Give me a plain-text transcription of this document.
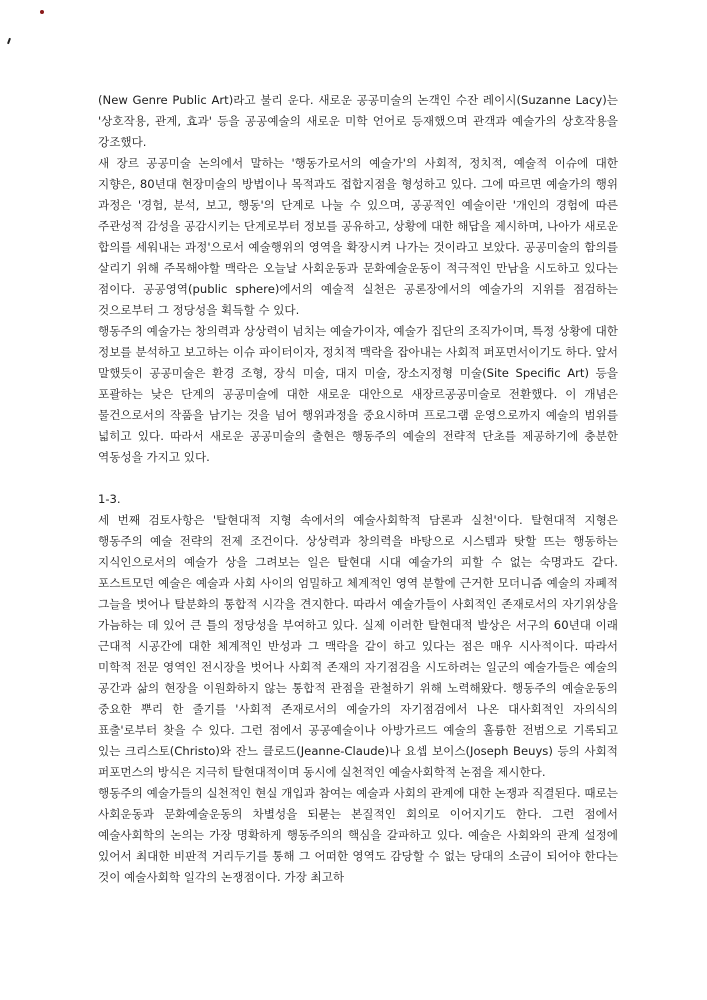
(New Genre Public Art)라고 불리 운다. 새로운 공공미술의 논객인 수잔 레이시(Suzanne Lacy)는 '상호작용, 관계, 효과' 등을 공공예술의 새로운 미학 언어로 등재했으며 관객과 예술가의 상호작용을 강조했다.

새 장르 공공미술 논의에서 말하는 '행동가로서의 예술가'의 사회적, 정치적, 예술적 이슈에 대한 지향은, 80년대 현장미술의 방법이나 목적과도 접합지점을 형성하고 있다. 그에 따르면 예술가의 행위 과정은 '경험, 분석, 보고, 행동'의 단계로 나눌 수 있으며, 공공적인 예술이란 '개인의 경험에 따른 주관성적 감성을 공감시키는 단계로부터 정보를 공유하고, 상황에 대한 해답을 제시하며, 나아가 새로운 합의를 세워내는 과정'으로서 예술행위의 영역을 확장시켜 나가는 것이라고 보았다. 공공미술의 함의를 살리기 위해 주목해야할 맥락은 오늘날 사회운동과 문화예술운동이 적극적인 만남을 시도하고 있다는 점이다. 공공영역(public sphere)에서의 예술적 실천은 공론장에서의 예술가의 지위를 점검하는 것으로부터 그 정당성을 획득할 수 있다.

행동주의 예술가는 창의력과 상상력이 넘치는 예술가이자, 예술가 집단의 조직가이며, 특정 상황에 대한 정보를 분석하고 보고하는 이슈 파이터이자, 정치적 맥락을 잡아내는 사회적 퍼포먼서이기도 하다. 앞서 말했듯이 공공미술은 환경 조형, 장식 미술, 대지 미술, 장소지정형 미술(Site Specific Art) 등을 포괄하는 낮은 단계의 공공미술에 대한 새로운 대안으로 새장르공공미술로 전환했다. 이 개념은 물건으로서의 작품을 남기는 것을 넘어 행위과정을 중요시하며 프로그램 운영으로까지 예술의 범위를 넓히고 있다. 따라서 새로운 공공미술의 출현은 행동주의 예술의 전략적 단초를 제공하기에 충분한 역동성을 가지고 있다.

1-3.

세 번째 검토사항은 '탈현대적 지형 속에서의 예술사회학적 담론과 실천'이다. 탈현대적 지형은 행동주의 예술 전략의 전제 조건이다. 상상력과 창의력을 바탕으로 시스템과 탓할 뜨는 행동하는 지식인으로서의 예술가 상을 그려보는 일은 탈현대 시대 예술가의 피할 수 없는 숙명과도 같다. 포스트모던 예술은 예술과 사회 사이의 엄밀하고 체계적인 영역 분할에 근거한 모더니즘 예술의 자폐적 그늘을 벗어나 탈분화의 통합적 시각을 견지한다. 따라서 예술가들이 사회적인 존재로서의 자기위상을 가늠하는 데 있어 큰 틀의 정당성을 부여하고 있다. 실제 이러한 탈현대적 발상은 서구의 60년대 이래 근대적 시공간에 대한 체계적인 반성과 그 맥락을 같이 하고 있다는 점은 매우 시사적이다. 따라서 미학적 전문 영역인 전시장을 벗어나 사회적 존재의 자기점검을 시도하려는 일군의 예술가들은 예술의 공간과 삶의 현장을 이원화하지 않는 통합적 관점을 관철하기 위해 노력해왔다. 행동주의 예술운동의 중요한 뿌리 한 줄기를 '사회적 존재로서의 예술가의 자기점검에서 나온 대사회적인 자의식의 표출'로부터 찾을 수 있다. 그런 점에서 공공예술이나 아방가르드 예술의 훌륭한 전범으로 기록되고 있는 크리스토(Christo)와 잔느 클로드(Jeanne-Claude)나 요셉 보이스(Joseph Beuys) 등의 사회적 퍼포먼스의 방식은 지극히 탈현대적이며 동시에 실천적인 예술사회학적 논점을 제시한다.

행동주의 예술가들의 실천적인 현실 개입과 참여는 예술과 사회의 관계에 대한 논쟁과 직결된다. 때로는 사회운동과 문화예술운동의 차별성을 되묻는 본질적인 회의로 이어지기도 한다. 그런 점에서 예술사회학의 논의는 가장 명확하게 행동주의의 핵심을 갈파하고 있다. 예술은 사회와의 관계 설정에 있어서 최대한 비판적 거리두기를 통해 그 어떠한 영역도 감당할 수 없는 당대의 소금이 되어야 한다는 것이 예술사회학 일각의 논쟁점이다. 가장 최고하
